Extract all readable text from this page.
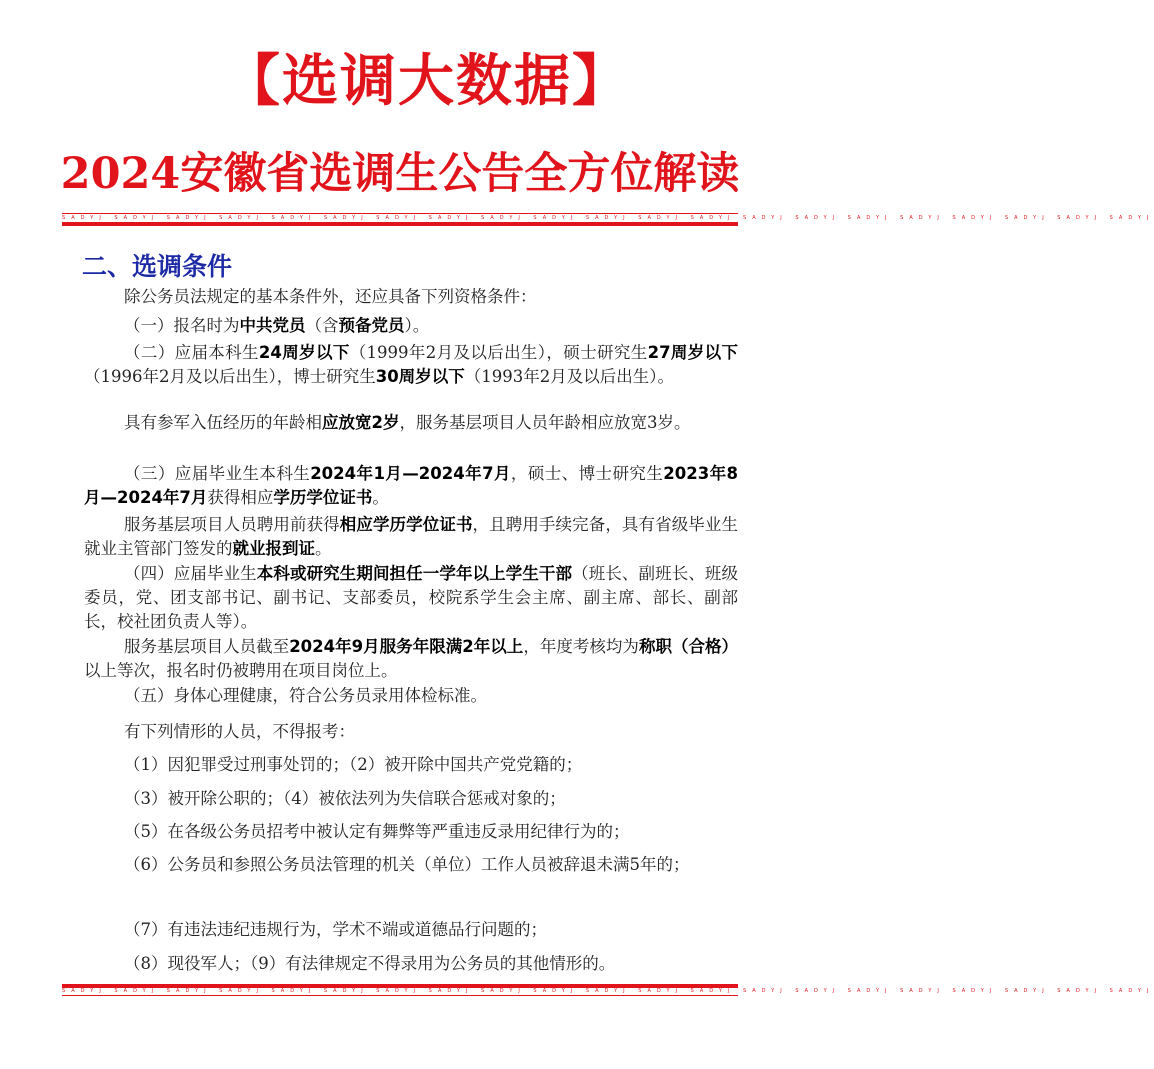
【选调大数据】
2024安徽省选调生公告全方位解读
SADYJ SADYJ SADYJ SADYJ SADYJ SADYJ SADYJ SADYJ SADYJ SADYJ SADYJ SADYJ SADYJ SADYJ SADYJ SADYJ SADYJ SADYJ SADYJ SADYJ SADYJ
二、选调条件
除公务员法规定的基本条件外，还应具备下列资格条件：
（一）报名时为中共党员（含预备党员）。
（二）应届本科生24周岁以下（1999年2月及以后出生），硕士研究生27周岁以下（1996年2月及以后出生），博士研究生30周岁以下（1993年2月及以后出生）。
具有参军入伍经历的年龄相应放宽2岁，服务基层项目人员年龄相应放宽3岁。
（三）应届毕业生本科生2024年1月—2024年7月，硕士、博士研究生2023年8月—2024年7月获得相应学历学位证书。
服务基层项目人员聘用前获得相应学历学位证书，且聘用手续完备，具有省级毕业生就业主管部门签发的就业报到证。
（四）应届毕业生本科或研究生期间担任一学年以上学生干部（班长、副班长、班级委员，党、团支部书记、副书记、支部委员，校院系学生会主席、副主席、部长、副部长，校社团负责人等）。
服务基层项目人员截至2024年9月服务年限满2年以上，年度考核均为称职（合格）以上等次，报名时仍被聘用在项目岗位上。
（五）身体心理健康，符合公务员录用体检标准。
有下列情形的人员，不得报考：
（1）因犯罪受过刑事处罚的；（2）被开除中国共产党党籍的；
（3）被开除公职的；（4）被依法列为失信联合惩戒对象的；
（5）在各级公务员招考中被认定有舞弊等严重违反录用纪律行为的；
（6）公务员和参照公务员法管理的机关（单位）工作人员被辞退未满5年的；
（7）有违法违纪违规行为，学术不端或道德品行问题的；
（8）现役军人；（9）有法律规定不得录用为公务员的其他情形的。
SADYJ SADYJ SADYJ SADYJ SADYJ SADYJ SADYJ SADYJ SADYJ SADYJ SADYJ SADYJ SADYJ SADYJ SADYJ SADYJ SADYJ SADYJ SADYJ SADYJ SADYJ
